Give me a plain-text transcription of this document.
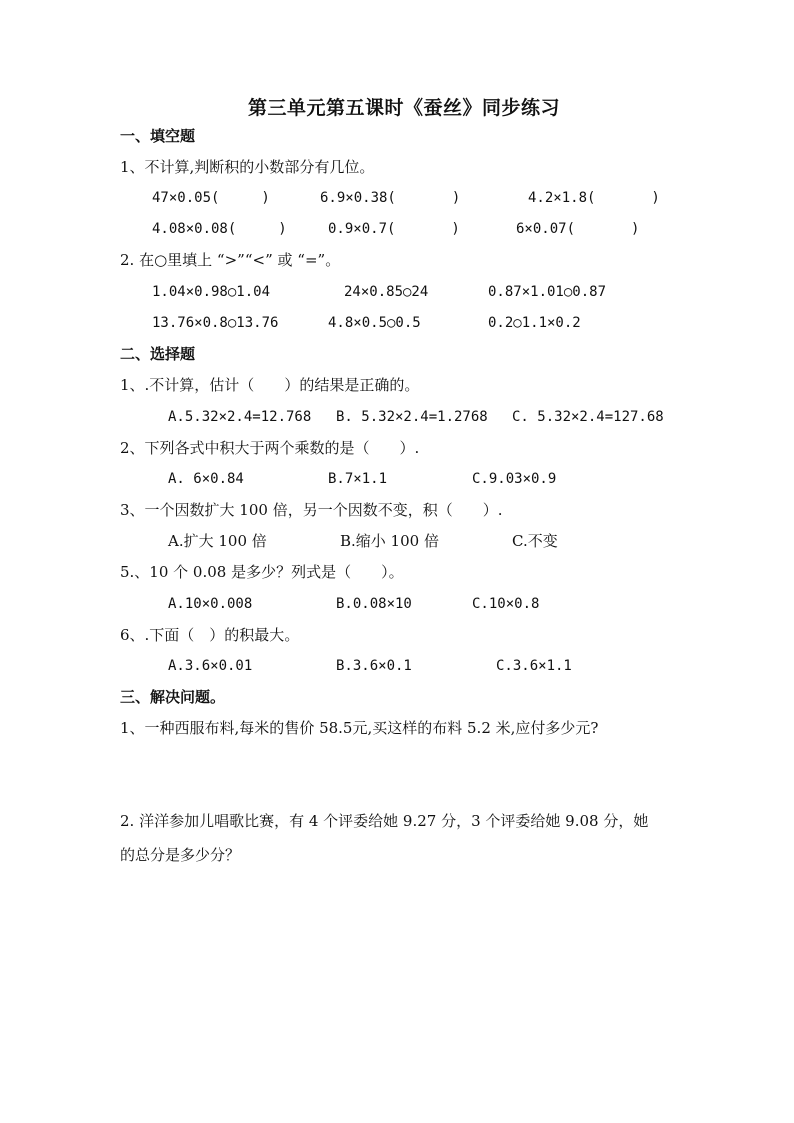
第三单元第五课时《蚕丝》同步练习
一、填空题
1、不计算,判断积的小数部分有几位。
47×0.05(　　　)	6.9×0.38(　　　　)	4.2×1.8(　　　　)
4.08×0.08(　　　)	0.9×0.7(　　　　)	6×0.07(　　　　)
2. 在○里填上 “>”“<” 或 “=”。
1.04×0.98○1.04	24×0.85○24	0.87×1.01○0.87
13.76×0.8○13.76	4.8×0.5○0.5	0.2○1.1×0.2
二、选择题
1、.不计算，估计（　　）的结果是正确的。
A.5.32×2.4=12.768 B. 5.32×2.4=1.2768 C. 5.32×2.4=127.68
2、下列各式中积大于两个乘数的是（　　）.
A. 6×0.84	B.7×1.1	C.9.03×0.9
3、一个因数扩大 100 倍，另一个因数不变，积（　　）.
A.扩大 100 倍	B.缩小 100 倍	C.不变
5.、10 个 0.08 是多少？列式是（　　）。
A.10×0.008	B.0.08×10	C.10×0.8
6、.下面（　）的积最大。
A.3.6×0.01	B.3.6×0.1	C.3.6×1.1
三、解决问题。
1、一种西服布料,每米的售价 58.5元,买这样的布料 5.2 米,应付多少元?
2. 洋洋参加儿唱歌比赛，有 4 个评委给她 9.27 分，3 个评委给她 9.08 分，她
的总分是多少分？
